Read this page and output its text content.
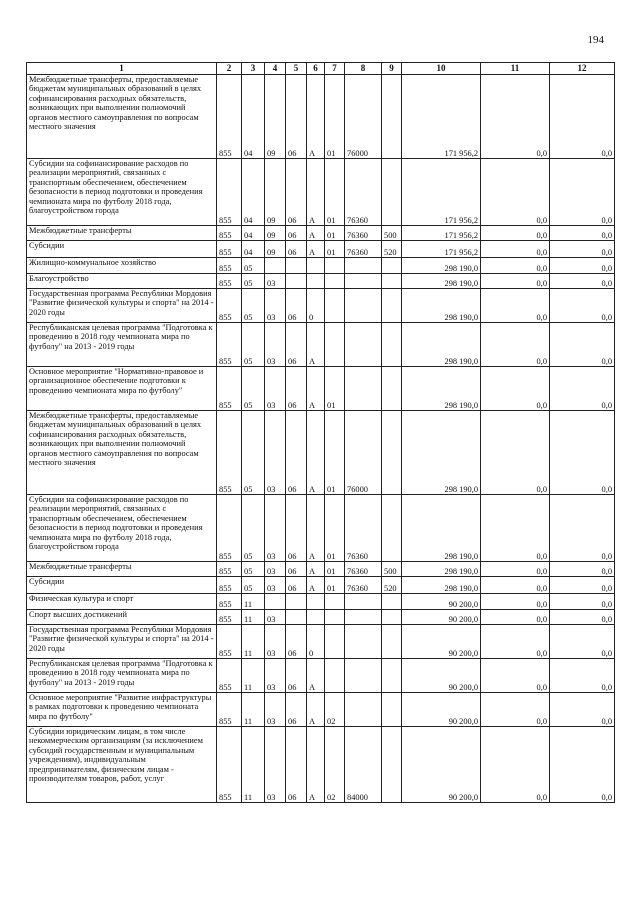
194
1	2	3	4	5	6	7	8	9	10	11	12
Межбюджетные трансферты, предоставляемые бюджетам муниципальных образований в целях софинансирования расходных обязательств, возникающих при выполнении полномочий органов местного самоуправления по вопросам местного значения	855	04	09	06	А	01	76000		171 956,2	0,0	0,0
Субсидии на софинансирование расходов по реализации мероприятий, связанных с транспортным обеспечением, обеспечением безопасности в период подготовки и проведения чемпионата мира по футболу 2018 года, благоустройством города	855	04	09	06	А	01	76360		171 956,2	0,0	0,0
Межбюджетные трансферты	855	04	09	06	А	01	76360	500	171 956,2	0,0	0,0
Субсидии	855	04	09	06	А	01	76360	520	171 956,2	0,0	0,0
Жилищно-коммунальное хозяйство	855	05							298 190,0	0,0	0,0
Благоустройство	855	05	03						298 190,0	0,0	0,0
Государственная программа Республики Мордовия "Развитие физической культуры и спорта" на 2014 - 2020 годы	855	05	03	06	0				298 190,0	0,0	0,0
Республиканская целевая программа "Подготовка к проведению в 2018 году чемпионата мира по футболу" на 2013 - 2019 годы	855	05	03	06	А				298 190,0	0,0	0,0
Основное мероприятие "Нормативно-правовое и организационное обеспечение подготовки к проведению чемпионата мира по футболу"	855	05	03	06	А	01			298 190,0	0,0	0,0
Межбюджетные трансферты, предоставляемые бюджетам муниципальных образований в целях софинансирования расходных обязательств, возникающих при выполнении полномочий органов местного самоуправления по вопросам местного значения	855	05	03	06	А	01	76000		298 190,0	0,0	0,0
Субсидии на софинансирование расходов по реализации мероприятий, связанных с транспортным обеспечением, обеспечением безопасности в период подготовки и проведения чемпионата мира по футболу 2018 года, благоустройством города	855	05	03	06	А	01	76360		298 190,0	0,0	0,0
Межбюджетные трансферты	855	05	03	06	А	01	76360	500	298 190,0	0,0	0,0
Субсидии	855	05	03	06	А	01	76360	520	298 190,0	0,0	0,0
Физическая культура и спорт	855	11							90 200,0	0,0	0,0
Спорт высших достижений	855	11	03						90 200,0	0,0	0,0
Государственная программа Республики Мордовия "Развитие физической культуры и спорта" на 2014 - 2020 годы	855	11	03	06	0				90 200,0	0,0	0,0
Республиканская целевая программа "Подготовка к проведению в 2018 году чемпионата мира по футболу" на 2013 - 2019 годы	855	11	03	06	А				90 200,0	0,0	0,0
Основное мероприятие "Развитие инфраструктуры в рамках подготовки к проведению чемпионата мира по футболу"	855	11	03	06	А	02			90 200,0	0,0	0,0
Субсидии юридическим лицам, в том числе некоммерческим организациям (за исключением субсидий государственным и муниципальным учреждениям), индивидуальным предпринимателям, физическим лицам - производителям товаров, работ, услуг	855	11	03	06	А	02	84000		90 200,0	0,0	0,0
